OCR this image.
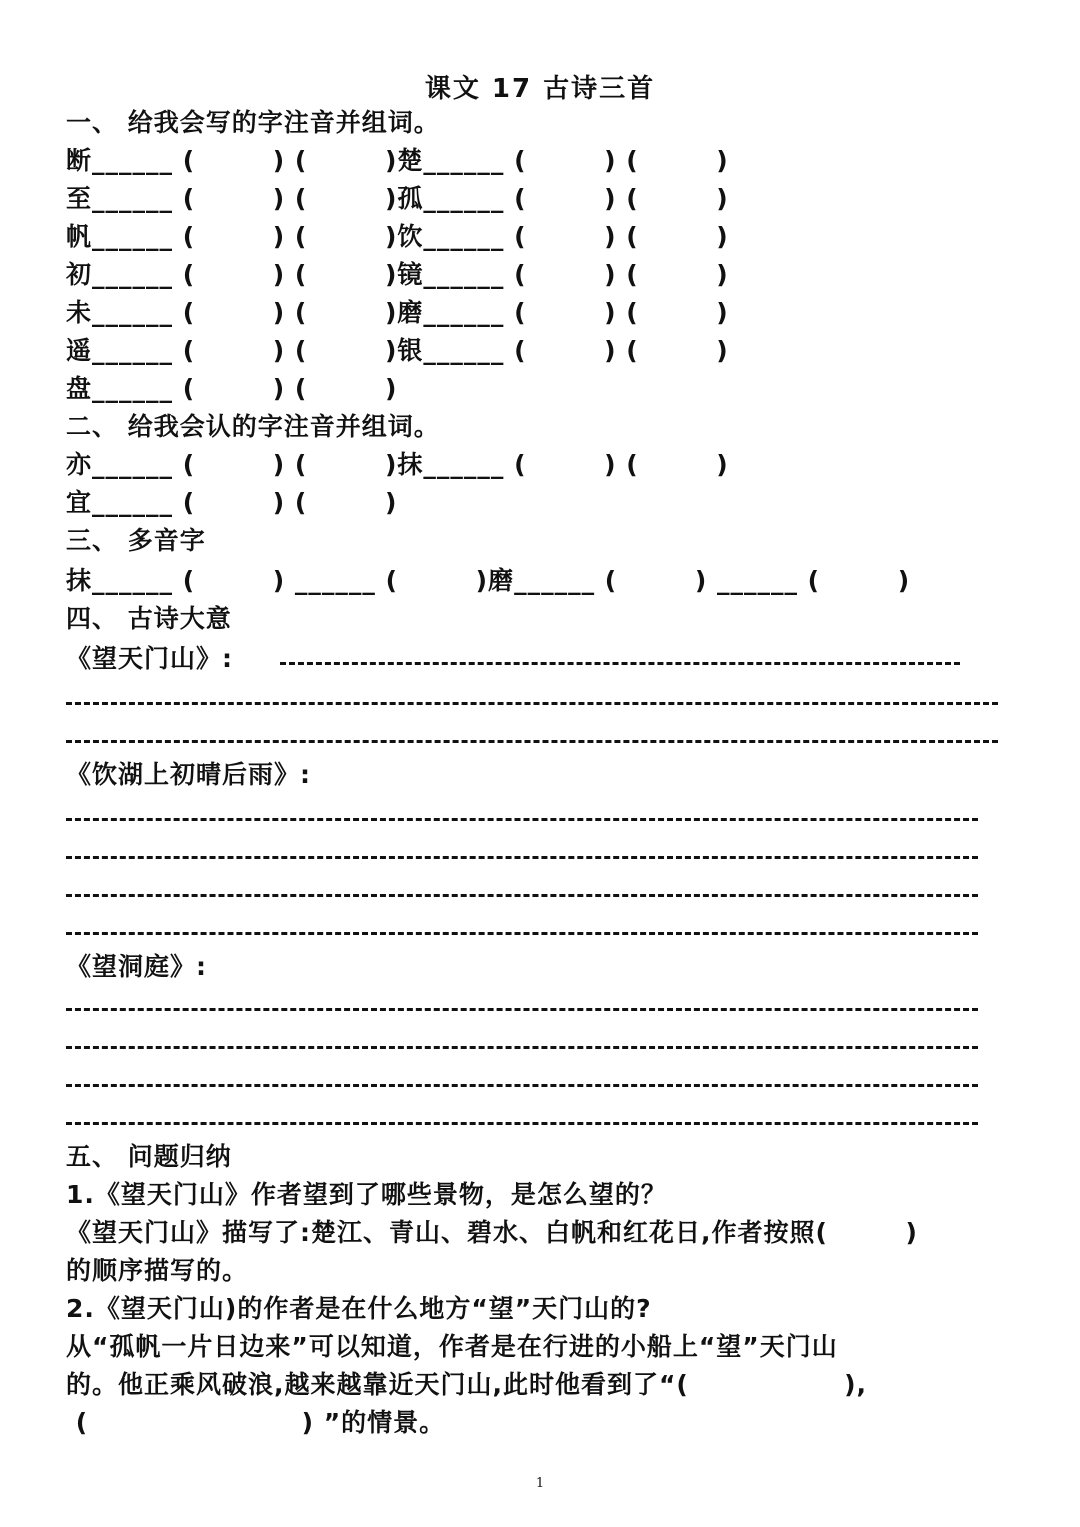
课文 17 古诗三首
一、 给我会写的字注音并组词。
断______ (        ) (        )楚______ (        ) (        )
至______ (        ) (        )孤______ (        ) (        )
帆______ (        ) (        )饮______ (        ) (        )
初______ (        ) (        )镜______ (        ) (        )
未______ (        ) (        )磨______ (        ) (        )
遥______ (        ) (        )银______ (        ) (        )
盘______ (        ) (        )
二、 给我会认的字注音并组词。
亦______ (        ) (        )抹______ (        ) (        )
宜______ (        ) (        )
三、 多音字
抹______ (        ) ______ (        )磨______ (        ) ______ (        )
四、 古诗大意
《望天门山》:
《饮湖上初晴后雨》:
《望洞庭》:
五、 问题归纳
1.《望天门山》作者望到了哪些景物，是怎么望的？
《望天门山》描写了:楚江、青山、碧水、白帆和红花日,作者按照(        )
的顺序描写的。
2.《望天门山)的作者是在什么地方“望”天门山的?
从“孤帆一片日边来”可以知道，作者是在行进的小船上“望”天门山
的。他正乘风破浪,越来越靠近天门山,此时他看到了“(                ),
(                      ) ”的情景。
1
